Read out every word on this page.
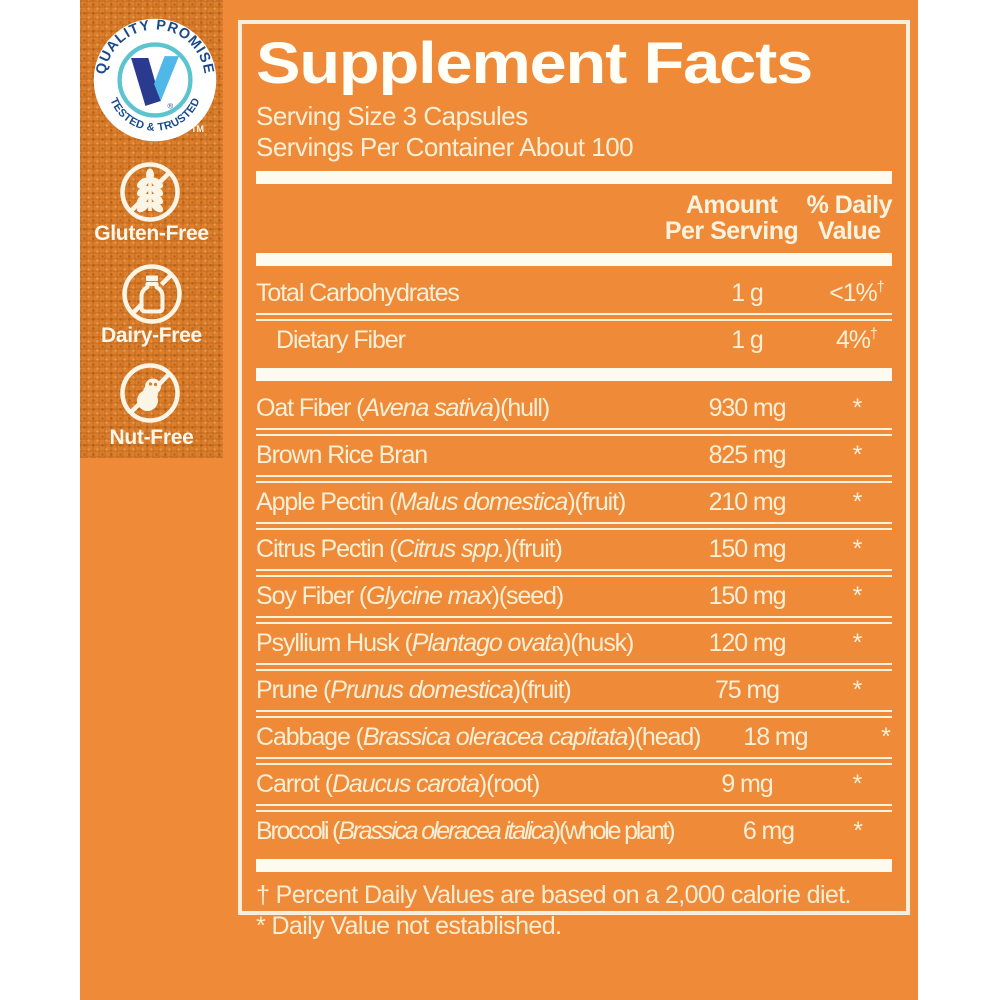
QUALITY PROMISE
TESTED & TRUSTED
®
TM
Gluten-Free
Dairy-Free
Nut-Free
Supplement Facts
Serving Size 3 Capsules
Servings Per Container About 100
Amount
Per Serving
% Daily
Value
Total Carbohydrates	1 g	<1%†
Dietary Fiber	1 g	4%†
Oat Fiber (Avena sativa)(hull)	930 mg	*
Brown Rice Bran	825 mg	*
Apple Pectin (Malus domestica)(fruit)	210 mg	*
Citrus Pectin (Citrus spp.)(fruit)	150 mg	*
Soy Fiber (Glycine max)(seed)	150 mg	*
Psyllium Husk (Plantago ovata)(husk)	120 mg	*
Prune (Prunus domestica)(fruit)	75 mg	*
Cabbage (Brassica oleracea capitata)(head)	18 mg	*
Carrot (Daucus carota)(root)	9 mg	*
Broccoli (Brassica oleracea italica)(whole plant)	6 mg	*
† Percent Daily Values are based on a 2,000 calorie diet.
* Daily Value not established.
